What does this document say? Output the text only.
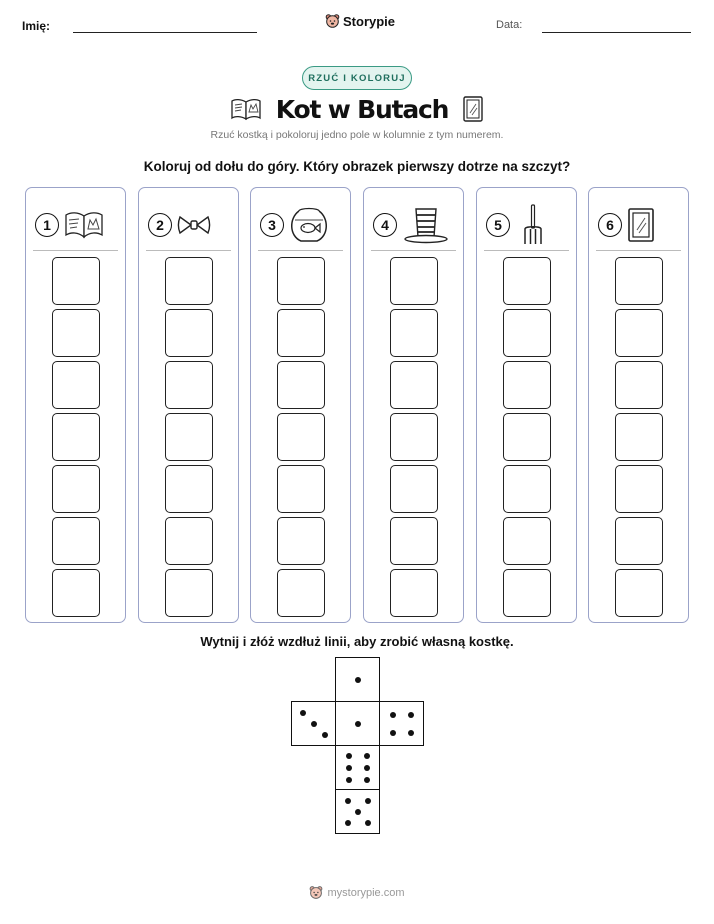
Imię:	Storypie	Data:
RZUĆ I KOLORUJ
Kot w Butach
Rzuć kostką i pokoloruj jedno pole w kolumnie z tym numerem.
Koloruj od dołu do góry. Który obrazek pierwszy dotrze na szczyt?
1	2	3	4	5	6
Wytnij i złóż wzdłuż linii, aby zrobić własną kostkę.
mystorypie.com
